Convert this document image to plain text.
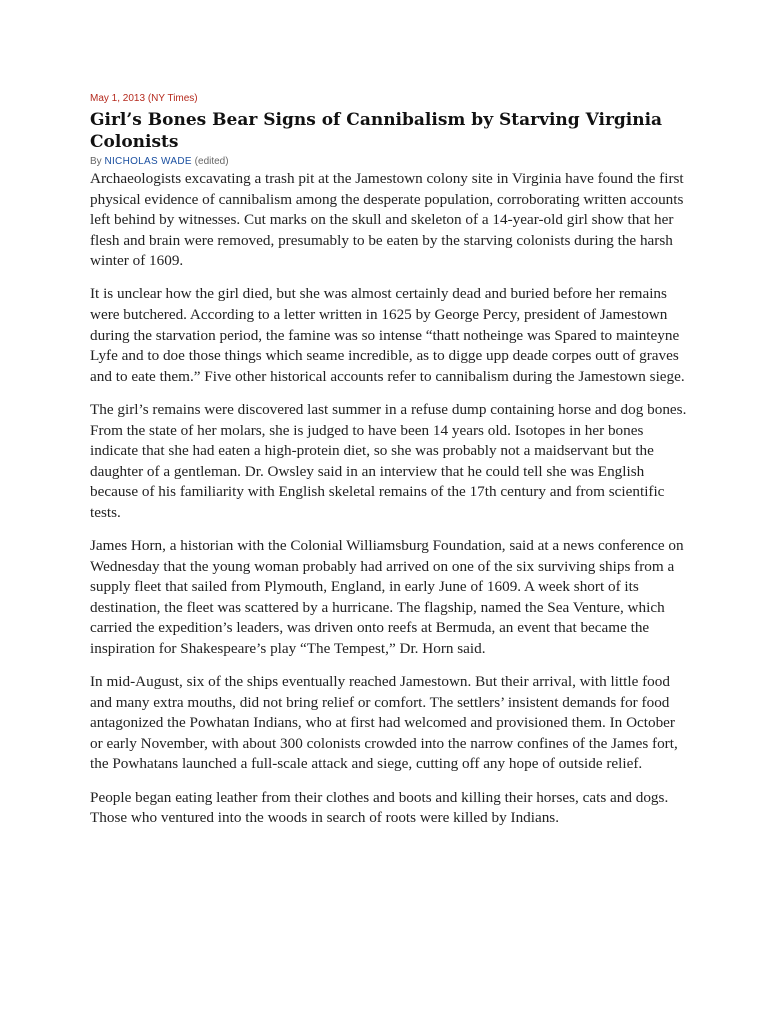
May 1, 2013 (NY Times)
Girl’s Bones Bear Signs of Cannibalism by Starving Virginia Colonists
By NICHOLAS WADE (edited)

Archaeologists excavating a trash pit at the Jamestown colony site in Virginia have found the first physical evidence of cannibalism among the desperate population, corroborating written accounts left behind by witnesses. Cut marks on the skull and skeleton of a 14-year-old girl show that her flesh and brain were removed, presumably to be eaten by the starving colonists during the harsh winter of 1609.

It is unclear how the girl died, but she was almost certainly dead and buried before her remains were butchered. According to a letter written in 1625 by George Percy, president of Jamestown during the starvation period, the famine was so intense “thatt notheinge was Spared to mainteyne Lyfe and to doe those things which seame incredible, as to digge upp deade corpes outt of graves and to eate them.” Five other historical accounts refer to cannibalism during the Jamestown siege.

The girl’s remains were discovered last summer in a refuse dump containing horse and dog bones. From the state of her molars, she is judged to have been 14 years old. Isotopes in her bones indicate that she had eaten a high-protein diet, so she was probably not a maidservant but the daughter of a gentleman. Dr. Owsley said in an interview that he could tell she was English because of his familiarity with English skeletal remains of the 17th century and from scientific tests.

James Horn, a historian with the Colonial Williamsburg Foundation, said at a news conference on Wednesday that the young woman probably had arrived on one of the six surviving ships from a supply fleet that sailed from Plymouth, England, in early June of 1609. A week short of its destination, the fleet was scattered by a hurricane. The flagship, named the Sea Venture, which carried the expedition’s leaders, was driven onto reefs at Bermuda, an event that became the inspiration for Shakespeare’s play “The Tempest,” Dr. Horn said.

In mid-August, six of the ships eventually reached Jamestown. But their arrival, with little food and many extra mouths, did not bring relief or comfort. The settlers’ insistent demands for food antagonized the Powhatan Indians, who at first had welcomed and provisioned them. In October or early November, with about 300 colonists crowded into the narrow confines of the James fort, the Powhatans launched a full-scale attack and siege, cutting off any hope of outside relief.

People began eating leather from their clothes and boots and killing their horses, cats and dogs. Those who ventured into the woods in search of roots were killed by Indians.
